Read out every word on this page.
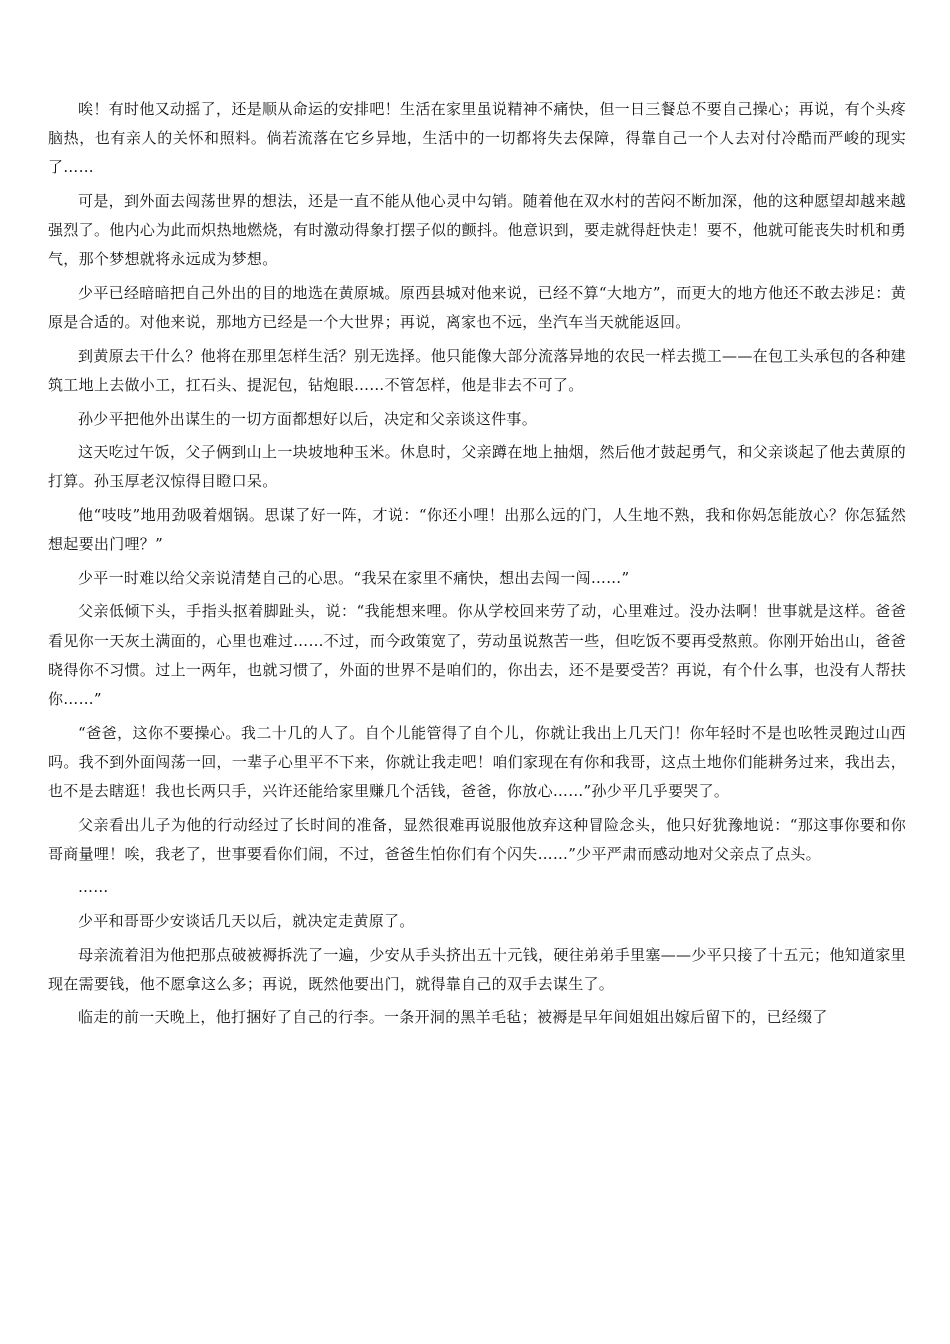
唉！有时他又动摇了，还是顺从命运的安排吧！生活在家里虽说精神不痛快，但一日三餐总不要自己操心；再说，有个头疼脑热，也有亲人的关怀和照料。倘若流落在它乡异地，生活中的一切都将失去保障，得靠自己一个人去对付冷酷而严峻的现实了……

可是，到外面去闯荡世界的想法，还是一直不能从他心灵中勾销。随着他在双水村的苦闷不断加深，他的这种愿望却越来越强烈了。他内心为此而炽热地燃烧，有时激动得象打摆子似的颤抖。他意识到，要走就得赶快走！要不，他就可能丧失时机和勇气，那个梦想就将永远成为梦想。

少平已经暗暗把自己外出的目的地选在黄原城。原西县城对他来说，已经不算“大地方”，而更大的地方他还不敢去涉足：黄原是合适的。对他来说，那地方已经是一个大世界；再说，离家也不远，坐汽车当天就能返回。

到黄原去干什么？他将在那里怎样生活？别无选择。他只能像大部分流落异地的农民一样去揽工——在包工头承包的各种建筑工地上去做小工，扛石头、提泥包，钻炮眼……不管怎样，他是非去不可了。

孙少平把他外出谋生的一切方面都想好以后，决定和父亲谈这件事。

这天吃过午饭，父子俩到山上一块坡地种玉米。休息时，父亲蹲在地上抽烟，然后他才鼓起勇气，和父亲谈起了他去黄原的打算。孙玉厚老汉惊得目瞪口呆。

他“吱吱”地用劲吸着烟锅。思谋了好一阵，才说：“你还小哩！出那么远的门，人生地不熟，我和你妈怎能放心？你怎猛然想起要出门哩？”

少平一时难以给父亲说清楚自己的心思。“我呆在家里不痛快，想出去闯一闯……”

父亲低倾下头，手指头抠着脚趾头，说：“我能想来哩。你从学校回来劳了动，心里难过。没办法啊！世事就是这样。爸爸看见你一天灰土满面的，心里也难过……不过，而今政策宽了，劳动虽说熬苦一些，但吃饭不要再受熬煎。你刚开始出山，爸爸晓得你不习惯。过上一两年，也就习惯了，外面的世界不是咱们的，你出去，还不是要受苦？再说，有个什么事，也没有人帮扶你……”

“爸爸，这你不要操心。我二十几的人了。自个儿能管得了自个儿，你就让我出上几天门！你年轻时不是也吆牲灵跑过山西吗。我不到外面闯荡一回，一辈子心里平不下来，你就让我走吧！咱们家现在有你和我哥，这点土地你们能耕务过来，我出去，也不是去瞎逛！我也长两只手，兴许还能给家里赚几个活钱，爸爸，你放心……”孙少平几乎要哭了。

父亲看出儿子为他的行动经过了长时间的准备，显然很难再说服他放弃这种冒险念头，他只好犹豫地说：“那这事你要和你哥商量哩！唉，我老了，世事要看你们闹，不过，爸爸生怕你们有个闪失……”少平严肃而感动地对父亲点了点头。

……

少平和哥哥少安谈话几天以后，就决定走黄原了。

母亲流着泪为他把那点破被褥拆洗了一遍，少安从手头挤出五十元钱，硬往弟弟手里塞——少平只接了十五元；他知道家里现在需要钱，他不愿拿这么多；再说，既然他要出门，就得靠自己的双手去谋生了。

临走的前一天晚上，他打捆好了自己的行李。一条开洞的黑羊毛毡；被褥是早年间姐姐出嫁后留下的，已经缀了
